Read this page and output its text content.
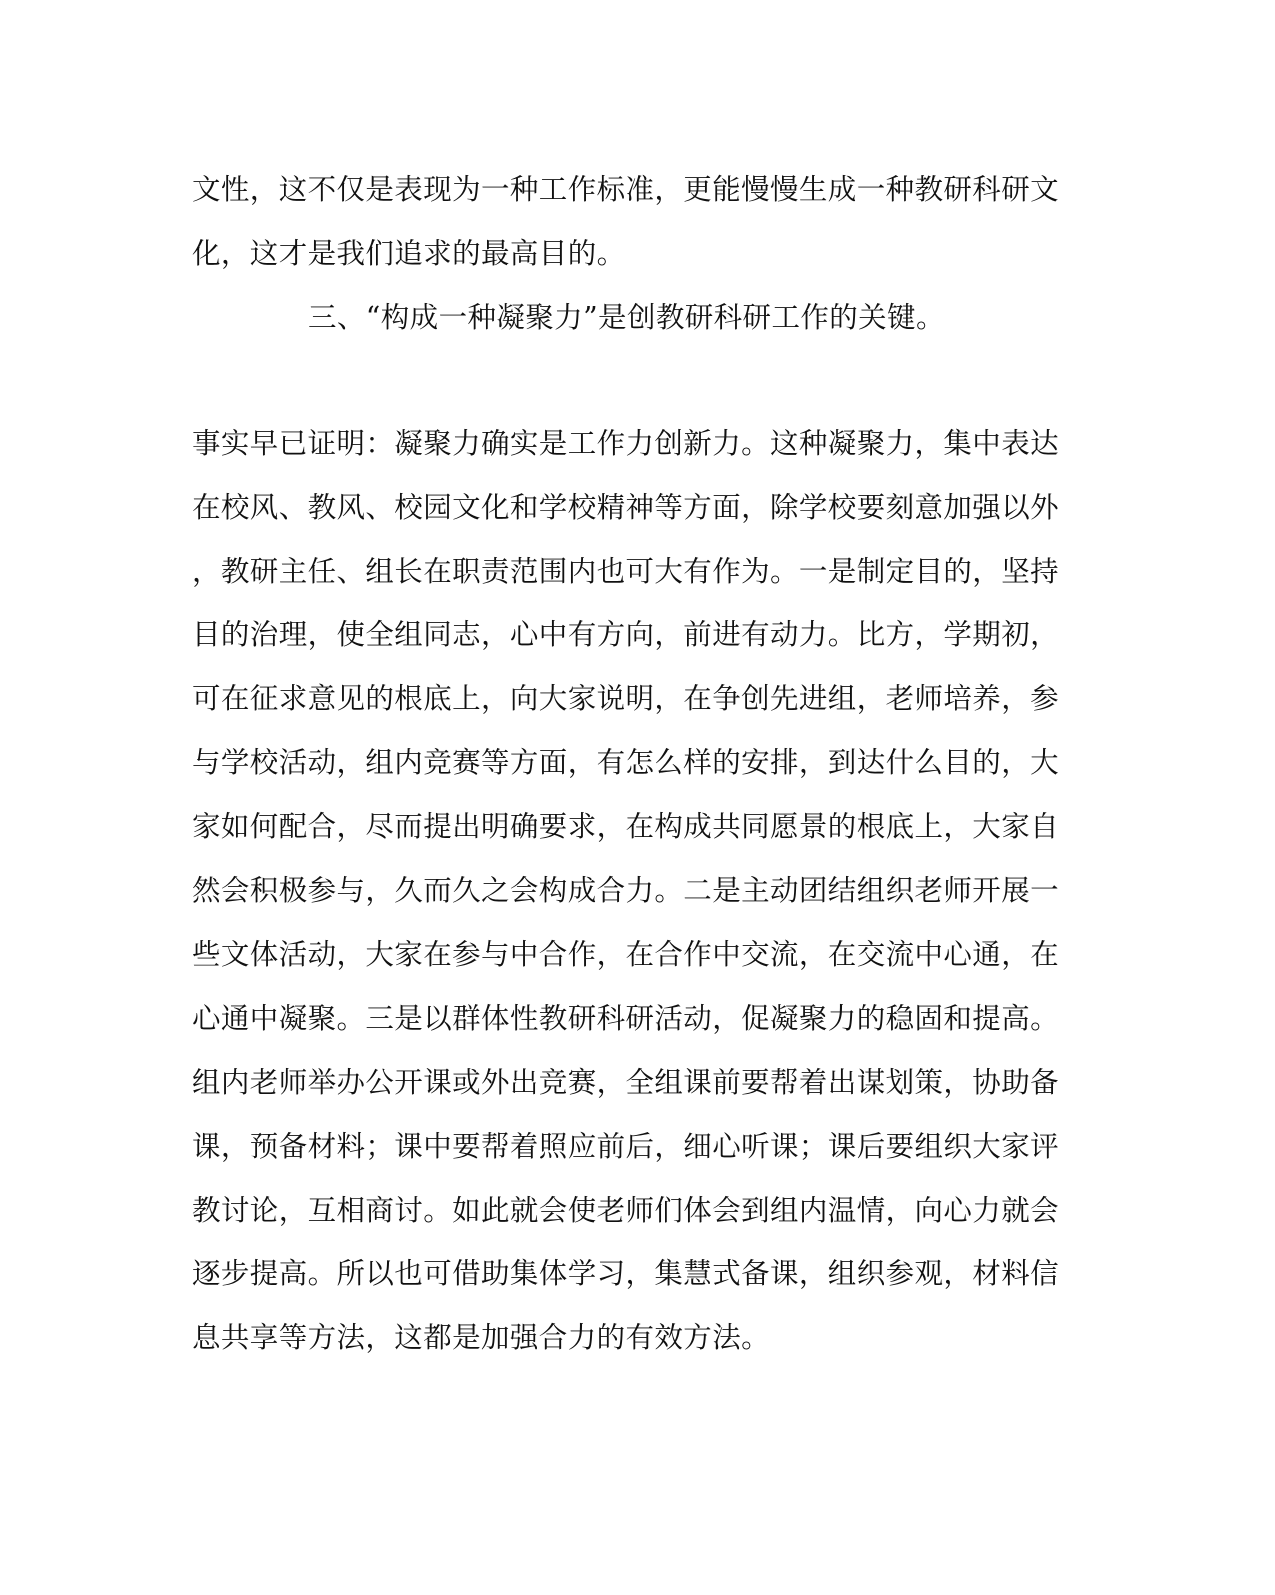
文性，这不仅是表现为一种工作标准，更能慢慢生成一种教研科研文
化，这才是我们追求的最高目的。
三、“构成一种凝聚力”是创教研科研工作的关键。
事实早已证明：凝聚力确实是工作力创新力。这种凝聚力，集中表达
在校风、教风、校园文化和学校精神等方面，除学校要刻意加强以外
，教研主任、组长在职责范围内也可大有作为。一是制定目的，坚持
目的治理，使全组同志，心中有方向，前进有动力。比方，学期初，
可在征求意见的根底上，向大家说明，在争创先进组，老师培养，参
与学校活动，组内竞赛等方面，有怎么样的安排，到达什么目的，大
家如何配合，尽而提出明确要求，在构成共同愿景的根底上，大家自
然会积极参与，久而久之会构成合力。二是主动团结组织老师开展一
些文体活动，大家在参与中合作，在合作中交流，在交流中心通，在
心通中凝聚。三是以群体性教研科研活动，促凝聚力的稳固和提高。
组内老师举办公开课或外出竞赛，全组课前要帮着出谋划策，协助备
课，预备材料；课中要帮着照应前后，细心听课；课后要组织大家评
教讨论，互相商讨。如此就会使老师们体会到组内温情，向心力就会
逐步提高。所以也可借助集体学习，集慧式备课，组织参观，材料信
息共享等方法，这都是加强合力的有效方法。
